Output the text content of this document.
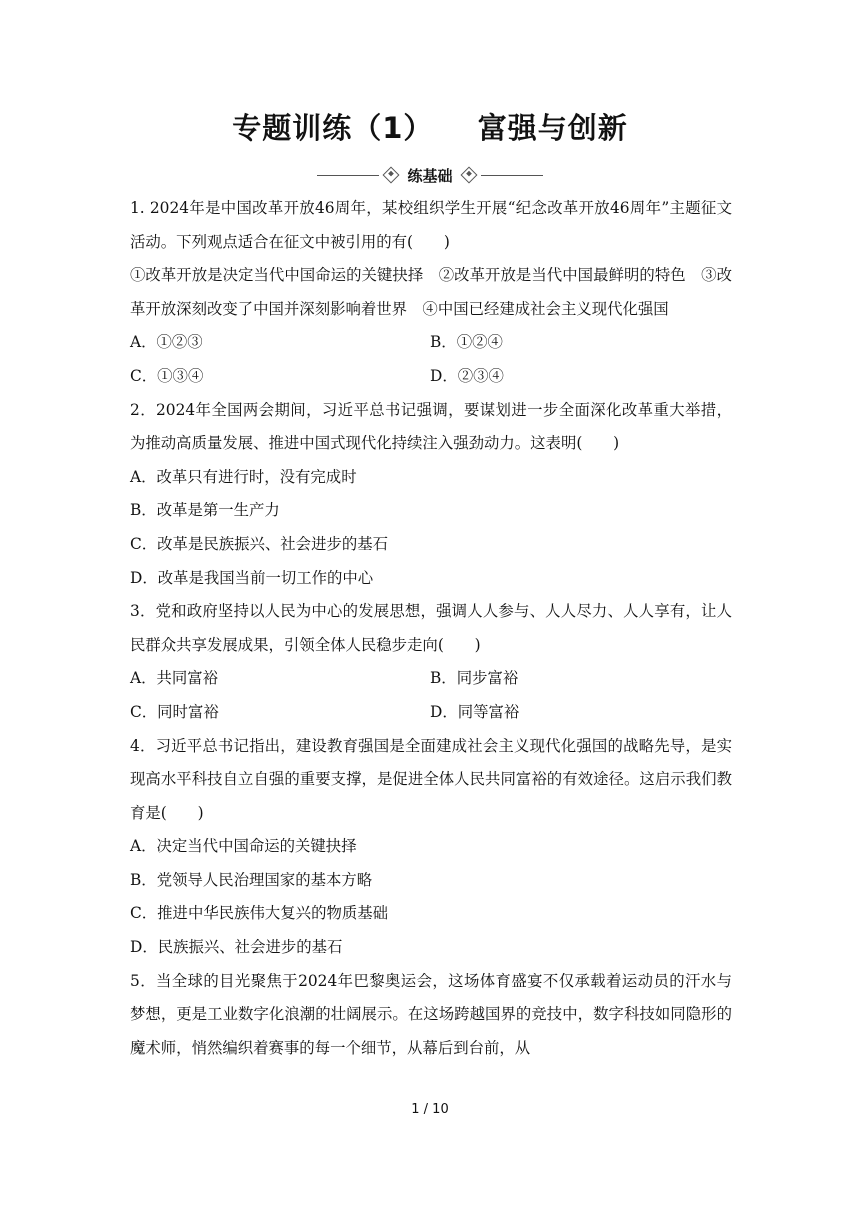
专题训练（1）    富强与创新
练基础
1. 2024年是中国改革开放46周年，某校组织学生开展“纪念改革开放46周年”主题征文活动。下列观点适合在征文中被引用的有(　　)
①改革开放是决定当代中国命运的关键抉择　②改革开放是当代中国最鲜明的特色　③改革开放深刻改变了中国并深刻影响着世界　④中国已经建成社会主义现代化强国
A．①②③	B．①②④
C．①③④	D．②③④
2．2024年全国两会期间，习近平总书记强调，要谋划进一步全面深化改革重大举措，为推动高质量发展、推进中国式现代化持续注入强劲动力。这表明(　　)
A．改革只有进行时，没有完成时
B．改革是第一生产力
C．改革是民族振兴、社会进步的基石
D．改革是我国当前一切工作的中心
3．党和政府坚持以人民为中心的发展思想，强调人人参与、人人尽力、人人享有，让人民群众共享发展成果，引领全体人民稳步走向(　　)
A．共同富裕	B．同步富裕
C．同时富裕	D．同等富裕
4．习近平总书记指出，建设教育强国是全面建成社会主义现代化强国的战略先导，是实现高水平科技自立自强的重要支撑，是促进全体人民共同富裕的有效途径。这启示我们教育是(　　)
A．决定当代中国命运的关键抉择
B．党领导人民治理国家的基本方略
C．推进中华民族伟大复兴的物质基础
D．民族振兴、社会进步的基石
5．当全球的目光聚焦于2024年巴黎奥运会，这场体育盛宴不仅承载着运动员的汗水与梦想，更是工业数字化浪潮的壮阔展示。在这场跨越国界的竞技中，数字科技如同隐形的魔术师，悄然编织着赛事的每一个细节，从幕后到台前，从
1 / 10
